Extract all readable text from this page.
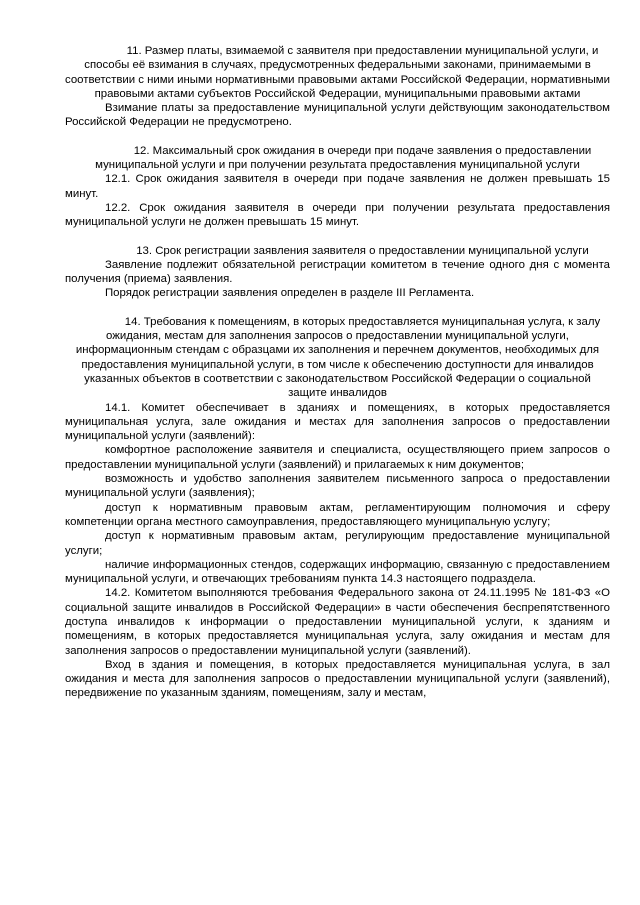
11. Размер платы, взимаемой с заявителя при предоставлении муниципальной услуги, и способы её взимания в случаях, предусмотренных федеральными законами, принимаемыми в соответствии с ними иными нормативными правовыми актами Российской Федерации, нормативными правовыми актами субъектов Российской Федерации, муниципальными правовыми актами

Взимание платы за предоставление муниципальной услуги действующим законодательством Российской Федерации не предусмотрено.

12. Максимальный срок ожидания в очереди при подаче заявления о предоставлении муниципальной услуги и при получении результата предоставления муниципальной услуги

12.1. Срок ожидания заявителя в очереди при подаче заявления не должен превышать 15 минут.

12.2. Срок ожидания заявителя в очереди при получении результата предоставления муниципальной услуги не должен превышать 15 минут.

13. Срок регистрации заявления заявителя о предоставлении муниципальной услуги

Заявление подлежит обязательной регистрации комитетом в течение одного дня с момента получения (приема) заявления.

Порядок регистрации заявления определен в разделе III Регламента.

14. Требования к помещениям, в которых предоставляется муниципальная услуга, к залу ожидания, местам для заполнения запросов о предоставлении муниципальной услуги, информационным стендам с образцами их заполнения и перечнем документов, необходимых для предоставления муниципальной услуги, в том числе к обеспечению доступности для инвалидов указанных объектов в соответствии с законодательством Российской Федерации о социальной защите инвалидов

14.1. Комитет обеспечивает в зданиях и помещениях, в которых предоставляется муниципальная услуга, зале ожидания и местах для заполнения запросов о предоставлении муниципальной услуги (заявлений):

комфортное расположение заявителя и специалиста, осуществляющего прием запросов о предоставлении муниципальной услуги (заявлений) и прилагаемых к ним документов;

возможность и удобство заполнения заявителем письменного запроса о предоставлении муниципальной услуги (заявления);

доступ к нормативным правовым актам, регламентирующим полномочия и сферу компетенции органа местного самоуправления, предоставляющего муниципальную услугу;

доступ к нормативным правовым актам, регулирующим предоставление муниципальной услуги;

наличие информационных стендов, содержащих информацию, связанную с предоставлением муниципальной услуги, и отвечающих требованиям пункта 14.3 настоящего подраздела.

14.2. Комитетом выполняются требования Федерального закона от 24.11.1995 № 181-ФЗ «О социальной защите инвалидов в Российской Федерации» в части обеспечения беспрепятственного доступа инвалидов к информации о предоставлении муниципальной услуги, к зданиям и помещениям, в которых предоставляется муниципальная услуга, залу ожидания и местам для заполнения запросов о предоставлении муниципальной услуги (заявлений).

Вход в здания и помещения, в которых предоставляется муниципальная услуга, в зал ожидания и места для заполнения запросов о предоставлении муниципальной услуги (заявлений), передвижение по указанным зданиям, помещениям, залу и местам,
